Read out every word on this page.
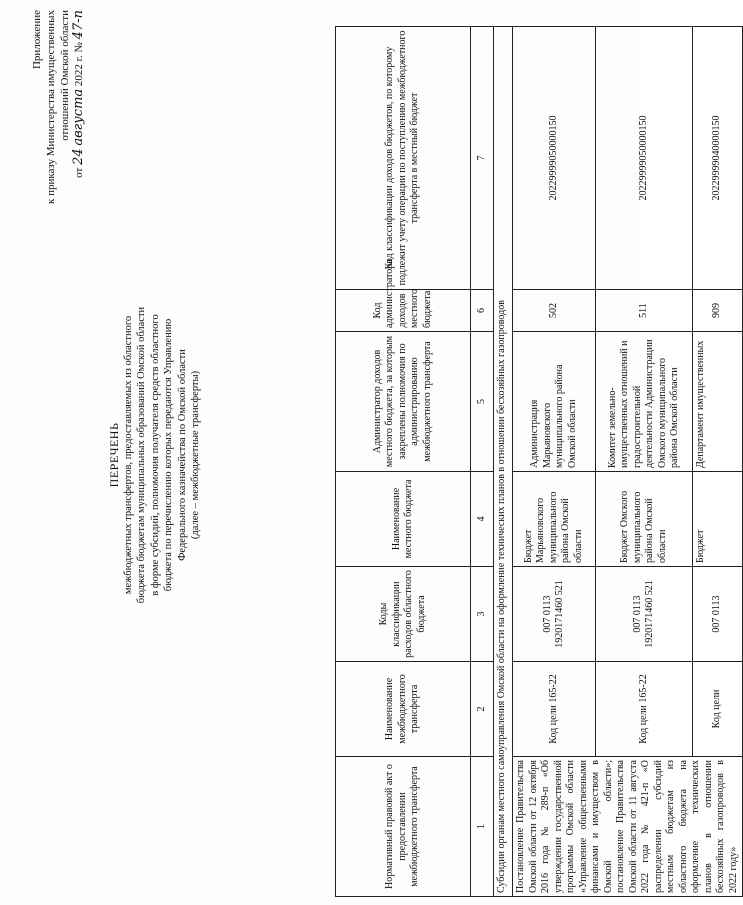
Приложение к приказу Министерства имущественных отношений Омской области
от 24 августа 2022 г. № 47-п
ПЕРЕЧЕНЬ межбюджетных трансфертов, предоставляемых из областного бюджета бюджетам муниципальных образований Омской области в форме субсидий, полномочия получателя средств областного бюджета по перечислению которых передаются Управлению Федерального казначейства по Омской области (далее – межбюджетные трансферты)
Нормативный правовой акт о предоставлении межбюджетного трансферта	Наименование межбюджетного трансферта	Коды классификации расходов областного бюджета	Наименование местного бюджета	Администратор доходов местного бюджета, за которым закреплены полномочия по администрированию межбюджетного трансферта	Код администратора доходов местного бюджета	Код классификации доходов бюджетов, по которому подлежит учету операции по поступлению межбюджетного трансферта в местный бюджет
1	2	3	4	5	6	7
Субсидии органам местного самоуправления Омской области на оформление технических планов в отношении бесхозяйных газопроводов						
Постановление Правительства Омской области от 12 октября 2016 года № 289-п «Об утверждении государственной программы Омской области «Управление общественными финансами и имуществом в Омской области»; постановление Правительства Омской области от 11 августа 2022 года № 421-п «О распределении субсидий местным бюджетам из областного бюджета на оформление технических планов в отношении бесхозяйных газопроводов в 2022 году»	Код цели 165-22	007 0113 1920171460 521	Бюджет Марьяновского муниципального района Омской области	Администрация Марьяновского муниципального района Омской области	502	20229999050000150
	Код цели 165-22	007 0113 1920171460 521	Бюджет Омского муниципального района Омской области	Комитет земельно-имущественных отношений и градостроительной деятельности Администрации Омского муниципального района Омской области	511	20229999050000150
	Код цели	007 0113	Бюджет	Департамент имущественных	909	20229999040000150
